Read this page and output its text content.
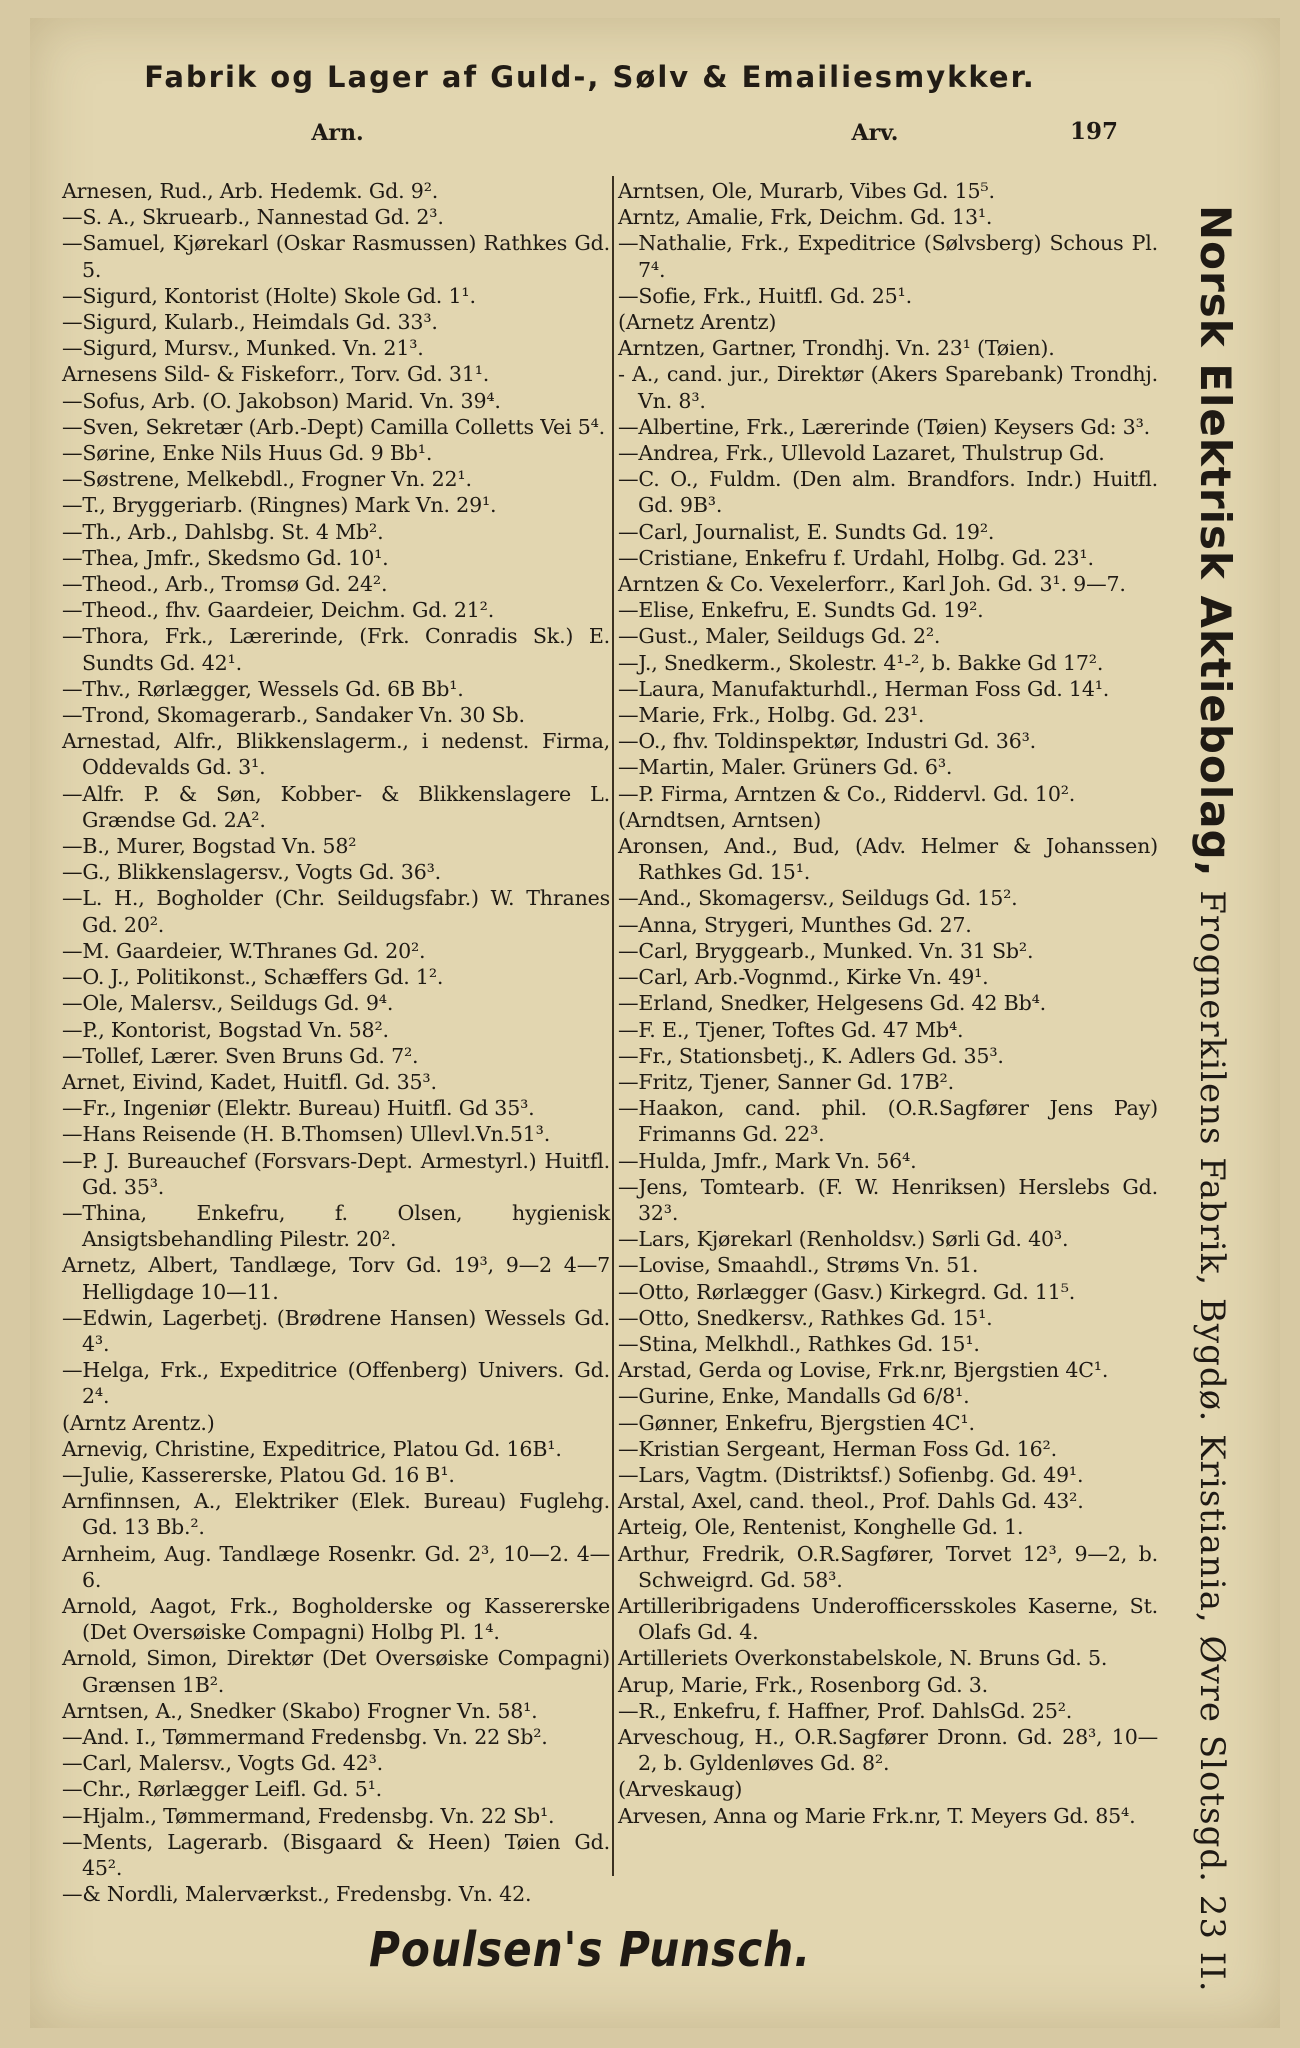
Fabrik og Lager af Guld-, Sølv & Emailiesmykker.
Arn.	Arv.	197
Arnesen, Rud., Arb. Hedemk. Gd. 9².
—S. A., Skruearb., Nannestad Gd. 2³.
—Samuel, Kjørekarl (Oskar Rasmussen) Rathkes Gd. 5.
—Sigurd, Kontorist (Holte) Skole Gd. 1¹.
—Sigurd, Kularb., Heimdals Gd. 33³.
—Sigurd, Mursv., Munked. Vn. 21³.
Arnesens Sild- & Fiskeforr., Torv. Gd. 31¹.
—Sofus, Arb. (O. Jakobson) Marid. Vn. 39⁴.
—Sven, Sekretær (Arb.-Dept) Camilla Colletts Vei 5⁴.
—Sørine, Enke Nils Huus Gd. 9 Bb¹.
—Søstrene, Melkebdl., Frogner Vn. 22¹.
—T., Bryggeriarb. (Ringnes) Mark Vn. 29¹.
—Th., Arb., Dahlsbg. St. 4 Mb².
—Thea, Jmfr., Skedsmo Gd. 10¹.
—Theod., Arb., Tromsø Gd. 24².
—Theod., fhv. Gaardeier, Deichm. Gd. 21².
—Thora, Frk., Lærerinde, (Frk. Conradis Sk.) E. Sundts Gd. 42¹.
—Thv., Rørlægger, Wessels Gd. 6B Bb¹.
—Trond, Skomagerarb., Sandaker Vn. 30 Sb.
Arnestad, Alfr., Blikkenslagerm., i nedenst. Firma, Oddevalds Gd. 3¹.
—Alfr. P. & Søn, Kobber- & Blikkenslagere L. Grændse Gd. 2A².
—B., Murer, Bogstad Vn. 58²
—G., Blikkenslagersv., Vogts Gd. 36³.
—L. H., Bogholder (Chr. Seildugsfabr.) W. Thranes Gd. 20².
—M. Gaardeier, W.Thranes Gd. 20².
—O. J., Politikonst., Schæffers Gd. 1².
—Ole, Malersv., Seildugs Gd. 9⁴.
—P., Kontorist, Bogstad Vn. 58².
—Tollef, Lærer. Sven Bruns Gd. 7².
Arnet, Eivind, Kadet, Huitfl. Gd. 35³.
—Fr., Ingeniør (Elektr. Bureau) Huitfl. Gd 35³.
—Hans Reisende (H. B.Thomsen) Ullevl.Vn.51³.
—P. J. Bureauchef (Forsvars-Dept. Armestyrl.) Huitfl. Gd. 35³.
—Thina, Enkefru, f. Olsen, hygienisk Ansigtsbehandling Pilestr. 20².
Arnetz, Albert, Tandlæge, Torv Gd. 19³, 9—2 4—7 Helligdage 10—11.
—Edwin, Lagerbetj. (Brødrene Hansen) Wessels Gd. 4³.
—Helga, Frk., Expeditrice (Offenberg) Univers. Gd. 2⁴.
(Arntz Arentz.)
Arnevig, Christine, Expeditrice, Platou Gd. 16B¹.
—Julie, Kassererske, Platou Gd. 16 B¹.
Arnfinnsen, A., Elektriker (Elek. Bureau) Fuglehg. Gd. 13 Bb.².
Arnheim, Aug. Tandlæge Rosenkr. Gd. 2³, 10—2. 4—6.
Arnold, Aagot, Frk., Bogholderske og Kassererske (Det Oversøiske Compagni) Holbg Pl. 1⁴.
Arnold, Simon, Direktør (Det Oversøiske Compagni) Grænsen 1B².
Arntsen, A., Snedker (Skabo) Frogner Vn. 58¹.
—And. I., Tømmermand Fredensbg. Vn. 22 Sb².
—Carl, Malersv., Vogts Gd. 42³.
—Chr., Rørlægger Leifl. Gd. 5¹.
—Hjalm., Tømmermand, Fredensbg. Vn. 22 Sb¹.
—Ments, Lagerarb. (Bisgaard & Heen) Tøien Gd. 45².
—& Nordli, Malerværkst., Fredensbg. Vn. 42.
Arntsen, Ole, Murarb, Vibes Gd. 15⁵.
Arntz, Amalie, Frk, Deichm. Gd. 13¹.
—Nathalie, Frk., Expeditrice (Sølvsberg) Schous Pl. 7⁴.
—Sofie, Frk., Huitfl. Gd. 25¹.
(Arnetz Arentz)
Arntzen, Gartner, Trondhj. Vn. 23¹ (Tøien).
- A., cand. jur., Direktør (Akers Sparebank) Trondhj. Vn. 8³.
—Albertine, Frk., Lærerinde (Tøien) Keysers Gd: 3³.
—Andrea, Frk., Ullevold Lazaret, Thulstrup Gd.
—C. O., Fuldm. (Den alm. Brandfors. Indr.) Huitfl. Gd. 9B³.
—Carl, Journalist, E. Sundts Gd. 19².
—Cristiane, Enkefru f. Urdahl, Holbg. Gd. 23¹.
Arntzen & Co. Vexelerforr., Karl Joh. Gd. 3¹. 9—7.
—Elise, Enkefru, E. Sundts Gd. 19².
—Gust., Maler, Seildugs Gd. 2².
—J., Snedkerm., Skolestr. 4¹-², b. Bakke Gd 17².
—Laura, Manufakturhdl., Herman Foss Gd. 14¹.
—Marie, Frk., Holbg. Gd. 23¹.
—O., fhv. Toldinspektør, Industri Gd. 36³.
—Martin, Maler. Grüners Gd. 6³.
—P. Firma, Arntzen & Co., Riddervl. Gd. 10².
(Arndtsen, Arntsen)
Aronsen, And., Bud, (Adv. Helmer & Johanssen) Rathkes Gd. 15¹.
—And., Skomagersv., Seildugs Gd. 15².
—Anna, Strygeri, Munthes Gd. 27.
—Carl, Bryggearb., Munked. Vn. 31 Sb².
—Carl, Arb.-Vognmd., Kirke Vn. 49¹.
—Erland, Snedker, Helgesens Gd. 42 Bb⁴.
—F. E., Tjener, Toftes Gd. 47 Mb⁴.
—Fr., Stationsbetj., K. Adlers Gd. 35³.
—Fritz, Tjener, Sanner Gd. 17B².
—Haakon, cand. phil. (O.R.Sagfører Jens Pay) Frimanns Gd. 22³.
—Hulda, Jmfr., Mark Vn. 56⁴.
—Jens, Tomtearb. (F. W. Henriksen) Herslebs Gd. 32³.
—Lars, Kjørekarl (Renholdsv.) Sørli Gd. 40³.
—Lovise, Smaahdl., Strøms Vn. 51.
—Otto, Rørlægger (Gasv.) Kirkegrd. Gd. 11⁵.
—Otto, Snedkersv., Rathkes Gd. 15¹.
—Stina, Melkhdl., Rathkes Gd. 15¹.
Arstad, Gerda og Lovise, Frk.nr, Bjergstien 4C¹.
—Gurine, Enke, Mandalls Gd 6/8¹.
—Gønner, Enkefru, Bjergstien 4C¹.
—Kristian Sergeant, Herman Foss Gd. 16².
—Lars, Vagtm. (Distriktsf.) Sofienbg. Gd. 49¹.
Arstal, Axel, cand. theol., Prof. Dahls Gd. 43².
Arteig, Ole, Rentenist, Konghelle Gd. 1.
Arthur, Fredrik, O.R.Sagfører, Torvet 12³, 9—2, b. Schweigrd. Gd. 58³.
Artilleribrigadens Underofficersskoles Kaserne, St. Olafs Gd. 4.
Artilleriets Overkonstabelskole, N. Bruns Gd. 5.
Arup, Marie, Frk., Rosenborg Gd. 3.
—R., Enkefru, f. Haffner, Prof. DahlsGd. 25².
Arveschoug, H., O.R.Sagfører Dronn. Gd. 28³, 10—2, b. Gyldenløves Gd. 8².
(Arveskaug)
Arvesen, Anna og Marie Frk.nr, T. Meyers Gd. 85⁴.
Norsk Elektrisk Aktiebolag, Frognerkilens Fabrik, Bygdø. Kristiania, Øvre Slotsgd. 23 II.
Poulsen's Punsch.
